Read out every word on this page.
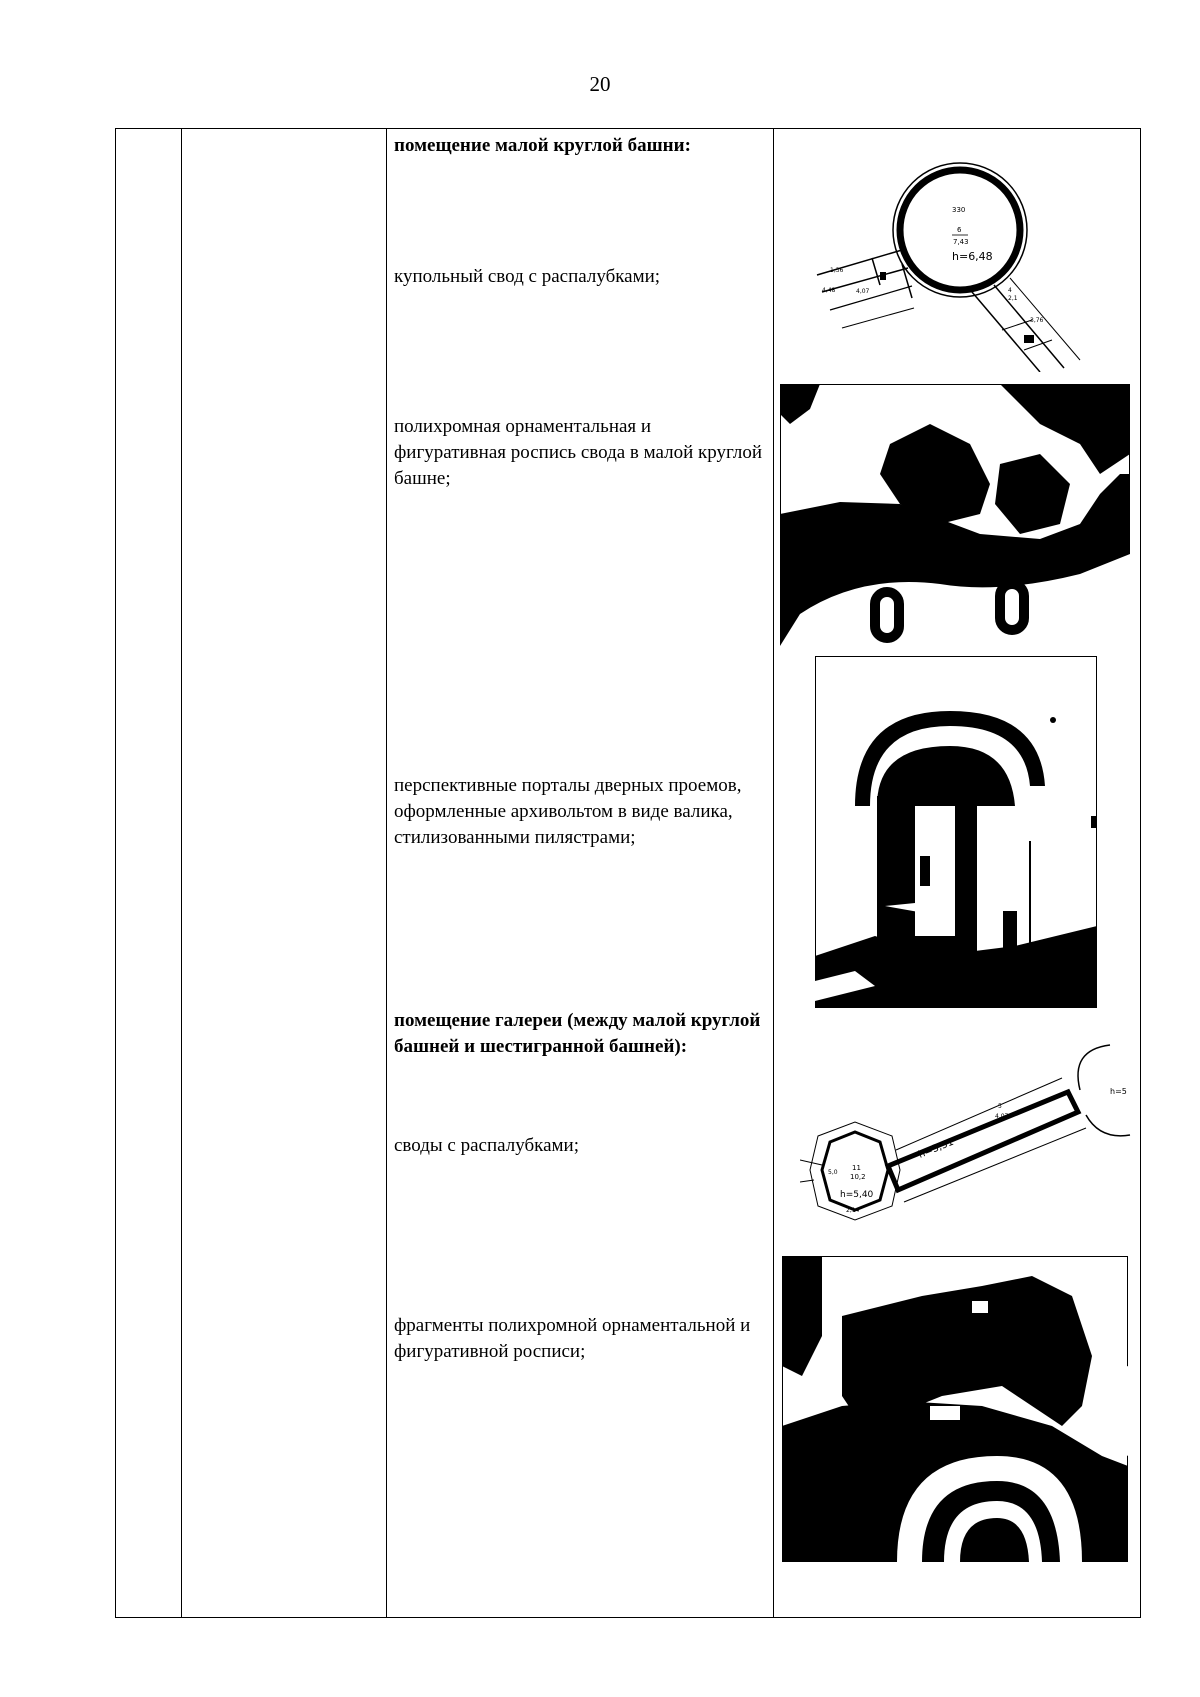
20
помещение малой круглой башни:
купольный свод с распалубками;
полихромная орнаментальная и фигуративная роспись свода в малой круглой башне;
перспективные порталы дверных проемов, оформленные архивольтом в виде валика, стилизованными пилястрами;
помещение галереи (между малой круглой башней и шестигранной башней):
своды с распалубками;
фрагменты полихромной орнаментальной и фигуративной росписи;
330
6
7,43
h=6,48
4
2,1
4,07
4,48
3,76
1,36
h=3,51
h=5,40
5
4,07
11
10,2
5,0
2,14
h=5
